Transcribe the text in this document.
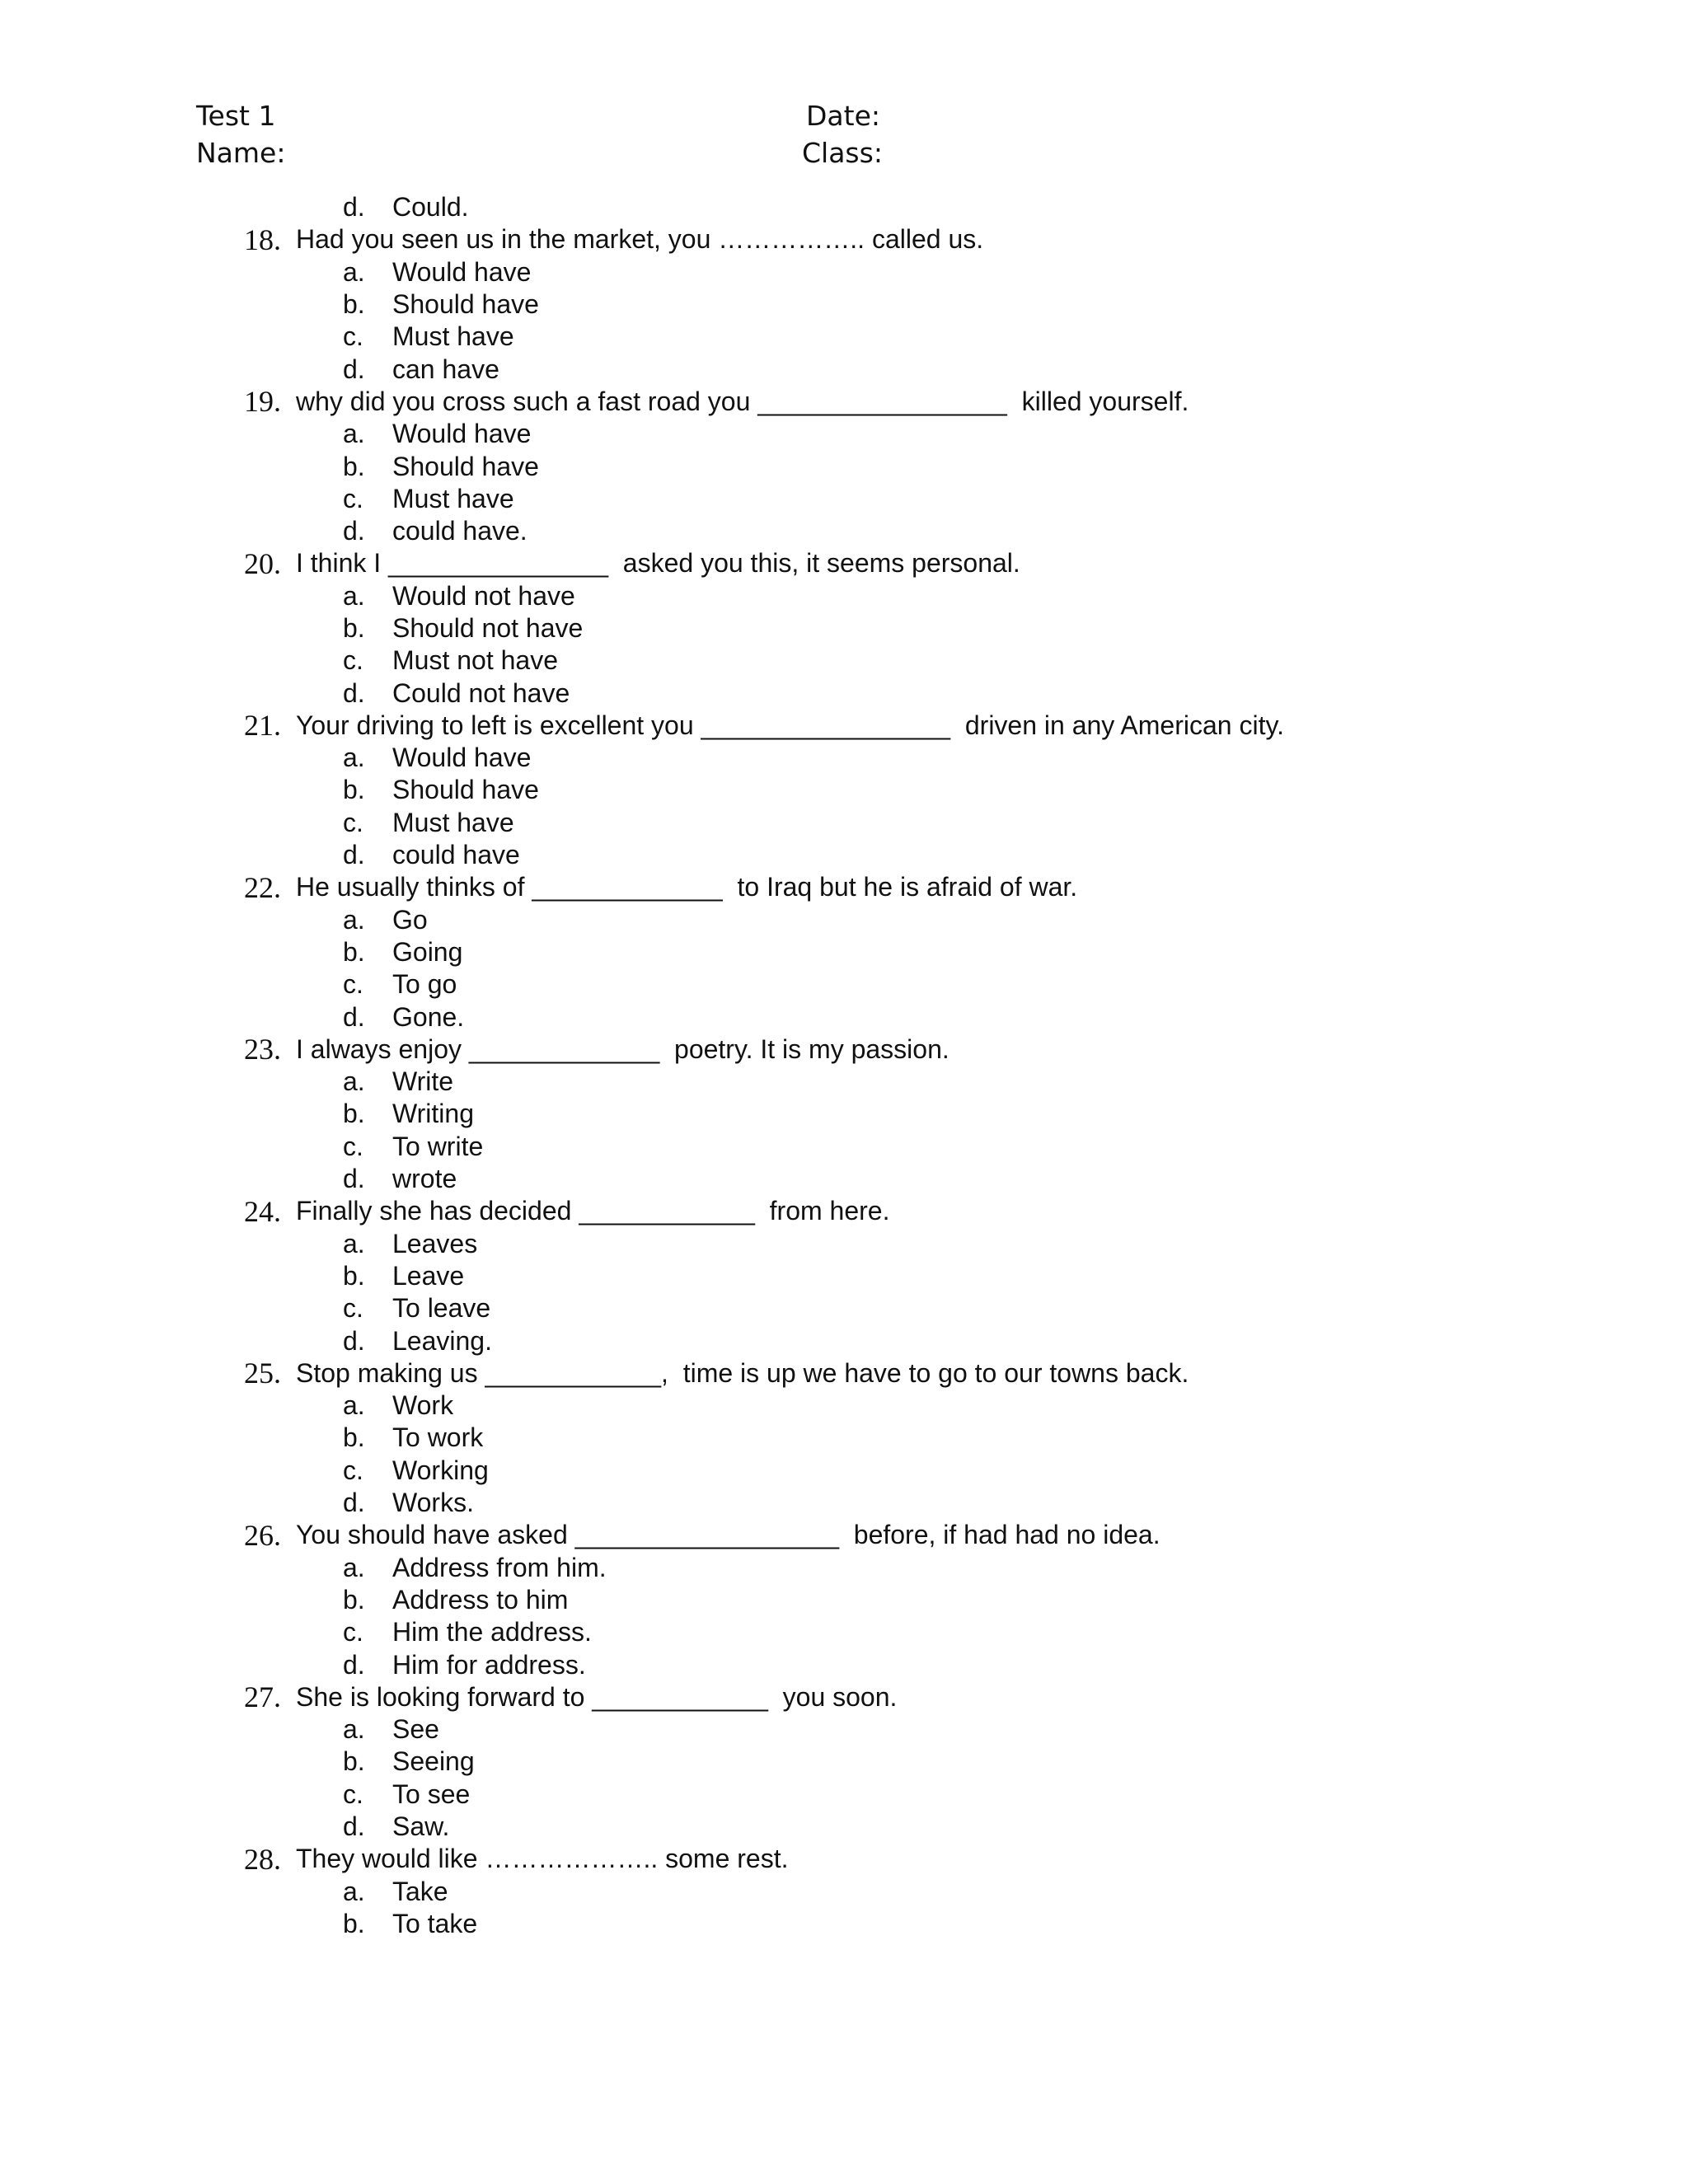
Test 1	Date:
Name:	Class:
d.	Could.
18. Had you seen us in the market, you …………….. called us.
a.	Would have
b.	Should have
c.	Must have
d.	can have
19. why did you cross such a fast road you _________________  killed yourself.
a.	Would have
b.	Should have
c.	Must have
d.	could have.
20. I think I _______________  asked you this, it seems personal.
a.	Would not have
b.	Should not have
c.	Must not have
d.	Could not have
21. Your driving to left is excellent you _________________  driven in any American city.
a.	Would have
b.	Should have
c.	Must have
d.	could have
22. He usually thinks of _____________  to Iraq but he is afraid of war.
a.	Go
b.	Going
c.	To go
d.	Gone.
23. I always enjoy _____________  poetry. It is my passion.
a.	Write
b.	Writing
c.	To write
d.	wrote
24. Finally she has decided ____________  from here.
a.	Leaves
b.	Leave
c.	To leave
d.	Leaving.
25. Stop making us ____________,  time is up we have to go to our towns back.
a.	Work
b.	To work
c.	Working
d.	Works.
26. You should have asked __________________  before, if had had no idea.
a.	Address from him.
b.	Address to him
c.	Him the address.
d.	Him for address.
27. She is looking forward to ____________  you soon.
a.	See
b.	Seeing
c.	To see
d.	Saw.
28. They would like ……………….. some rest.
a.	Take
b.	To take
